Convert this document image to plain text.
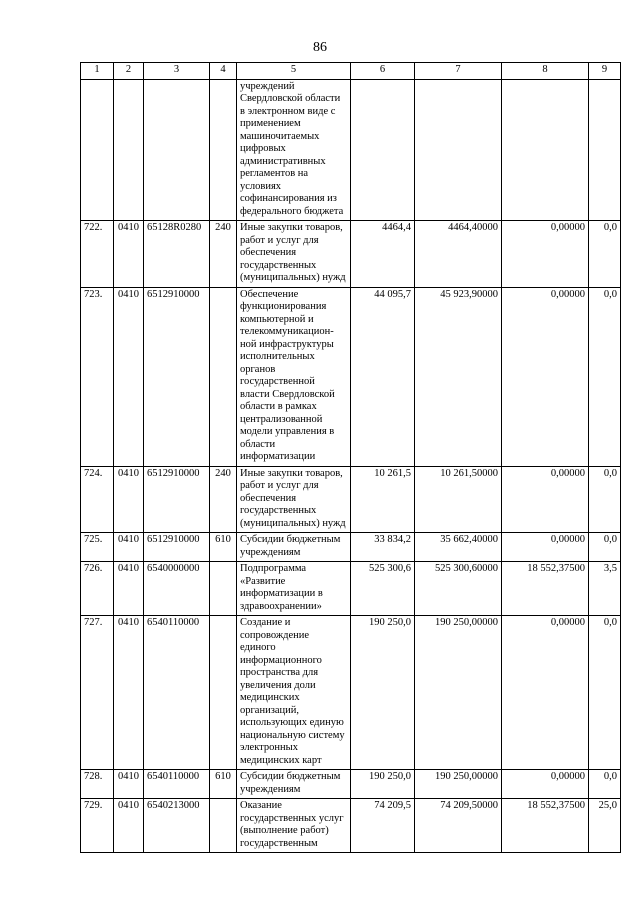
86
1	2	3	4	5	6	7	8	9
				учреждений Свердловской области в электронном виде с применением машиночитаемых цифровых административных регламентов на условиях софинансирования из федерального бюджета				
722.	0410	65128R0280	240	Иные закупки товаров, работ и услуг для обеспечения государственных (муниципальных) нужд	4464,4	4464,40000	0,00000	0,0
723.	0410	6512910000		Обеспечение функционирования компьютерной и телекоммуникацион-ной инфраструктуры исполнительных органов государственной власти Свердловской области в рамках централизованной модели управления в области информатизации	44 095,7	45 923,90000	0,00000	0,0
724.	0410	6512910000	240	Иные закупки товаров, работ и услуг для обеспечения государственных (муниципальных) нужд	10 261,5	10 261,50000	0,00000	0,0
725.	0410	6512910000	610	Субсидии бюджетным учреждениям	33 834,2	35 662,40000	0,00000	0,0
726.	0410	6540000000		Подпрограмма «Развитие информатизации в здравоохранении»	525 300,6	525 300,60000	18 552,37500	3,5
727.	0410	6540110000		Создание и сопровождение единого информационного пространства для увеличения доли медицинских организаций, использующих единую национальную систему электронных медицинских карт	190 250,0	190 250,00000	0,00000	0,0
728.	0410	6540110000	610	Субсидии бюджетным учреждениям	190 250,0	190 250,00000	0,00000	0,0
729.	0410	6540213000		Оказание государственных услуг (выполнение работ) государственным	74 209,5	74 209,50000	18 552,37500	25,0
